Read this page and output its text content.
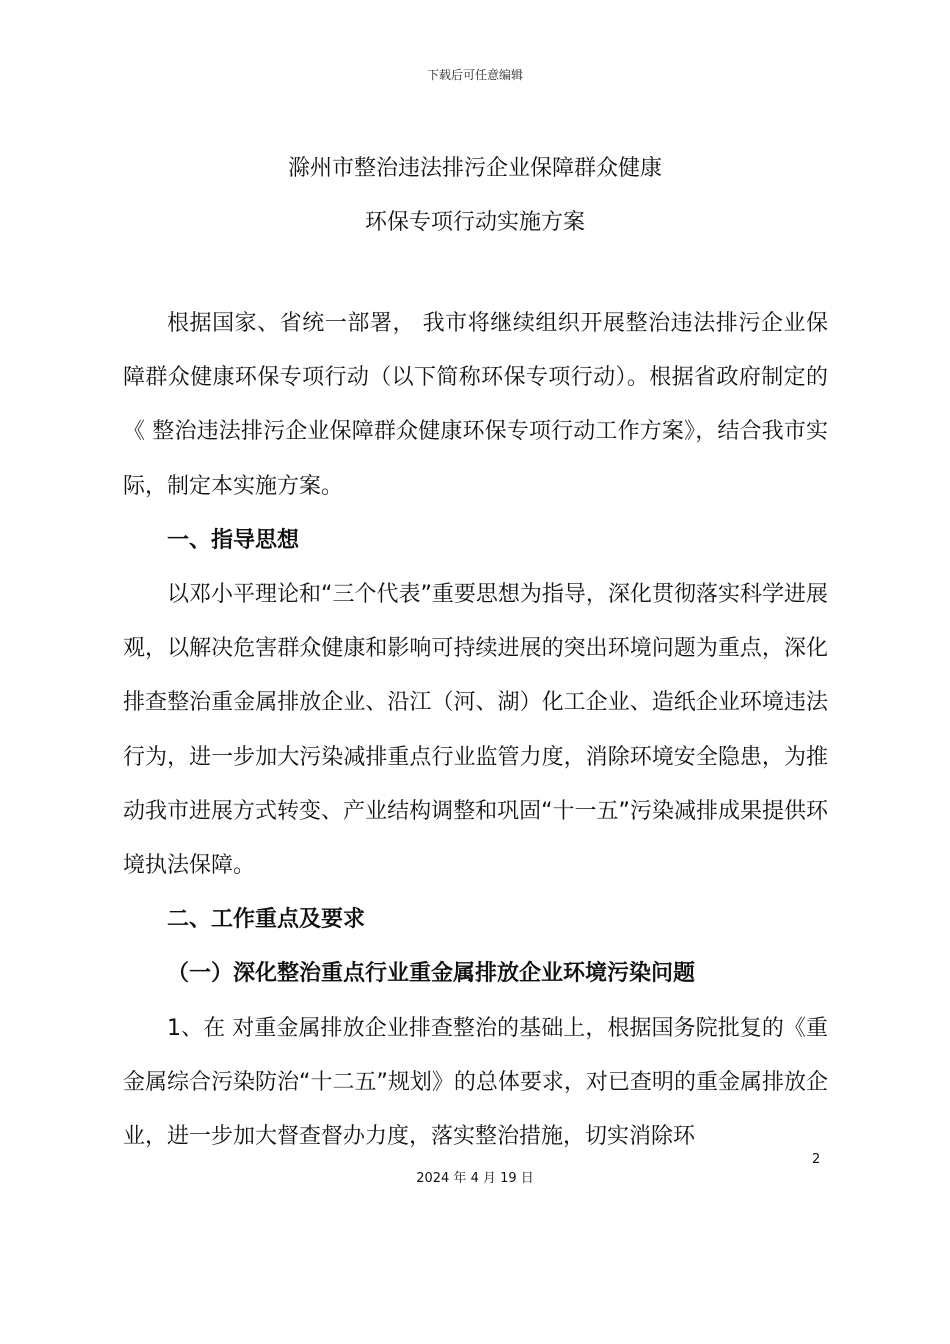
下载后可任意编辑
滁州市整治违法排污企业保障群众健康
环保专项行动实施方案

根据国家、省统一部署， 我市将继续组织开展整治违法排污企业保障群众健康环保专项行动（以下简称环保专项行动）。根据省政府制定的《 整治违法排污企业保障群众健康环保专项行动工作方案》，结合我市实际，制定本实施方案。

一、指导思想

以邓小平理论和“三个代表”重要思想为指导，深化贯彻落实科学进展观，以解决危害群众健康和影响可持续进展的突出环境问题为重点，深化排查整治重金属排放企业、沿江（河、湖）化工企业、造纸企业环境违法行为，进一步加大污染减排重点行业监管力度，消除环境安全隐患，为推动我市进展方式转变、产业结构调整和巩固“十一五”污染减排成果提供环境执法保障。

二、工作重点及要求

（一）深化整治重点行业重金属排放企业环境污染问题

1、在 对重金属排放企业排查整治的基础上，根据国务院批复的《重金属综合污染防治“十二五”规划》的总体要求，对已查明的重金属排放企业，进一步加大督查督办力度，落实整治措施，切实消除环

2
2024 年 4 月 19 日
